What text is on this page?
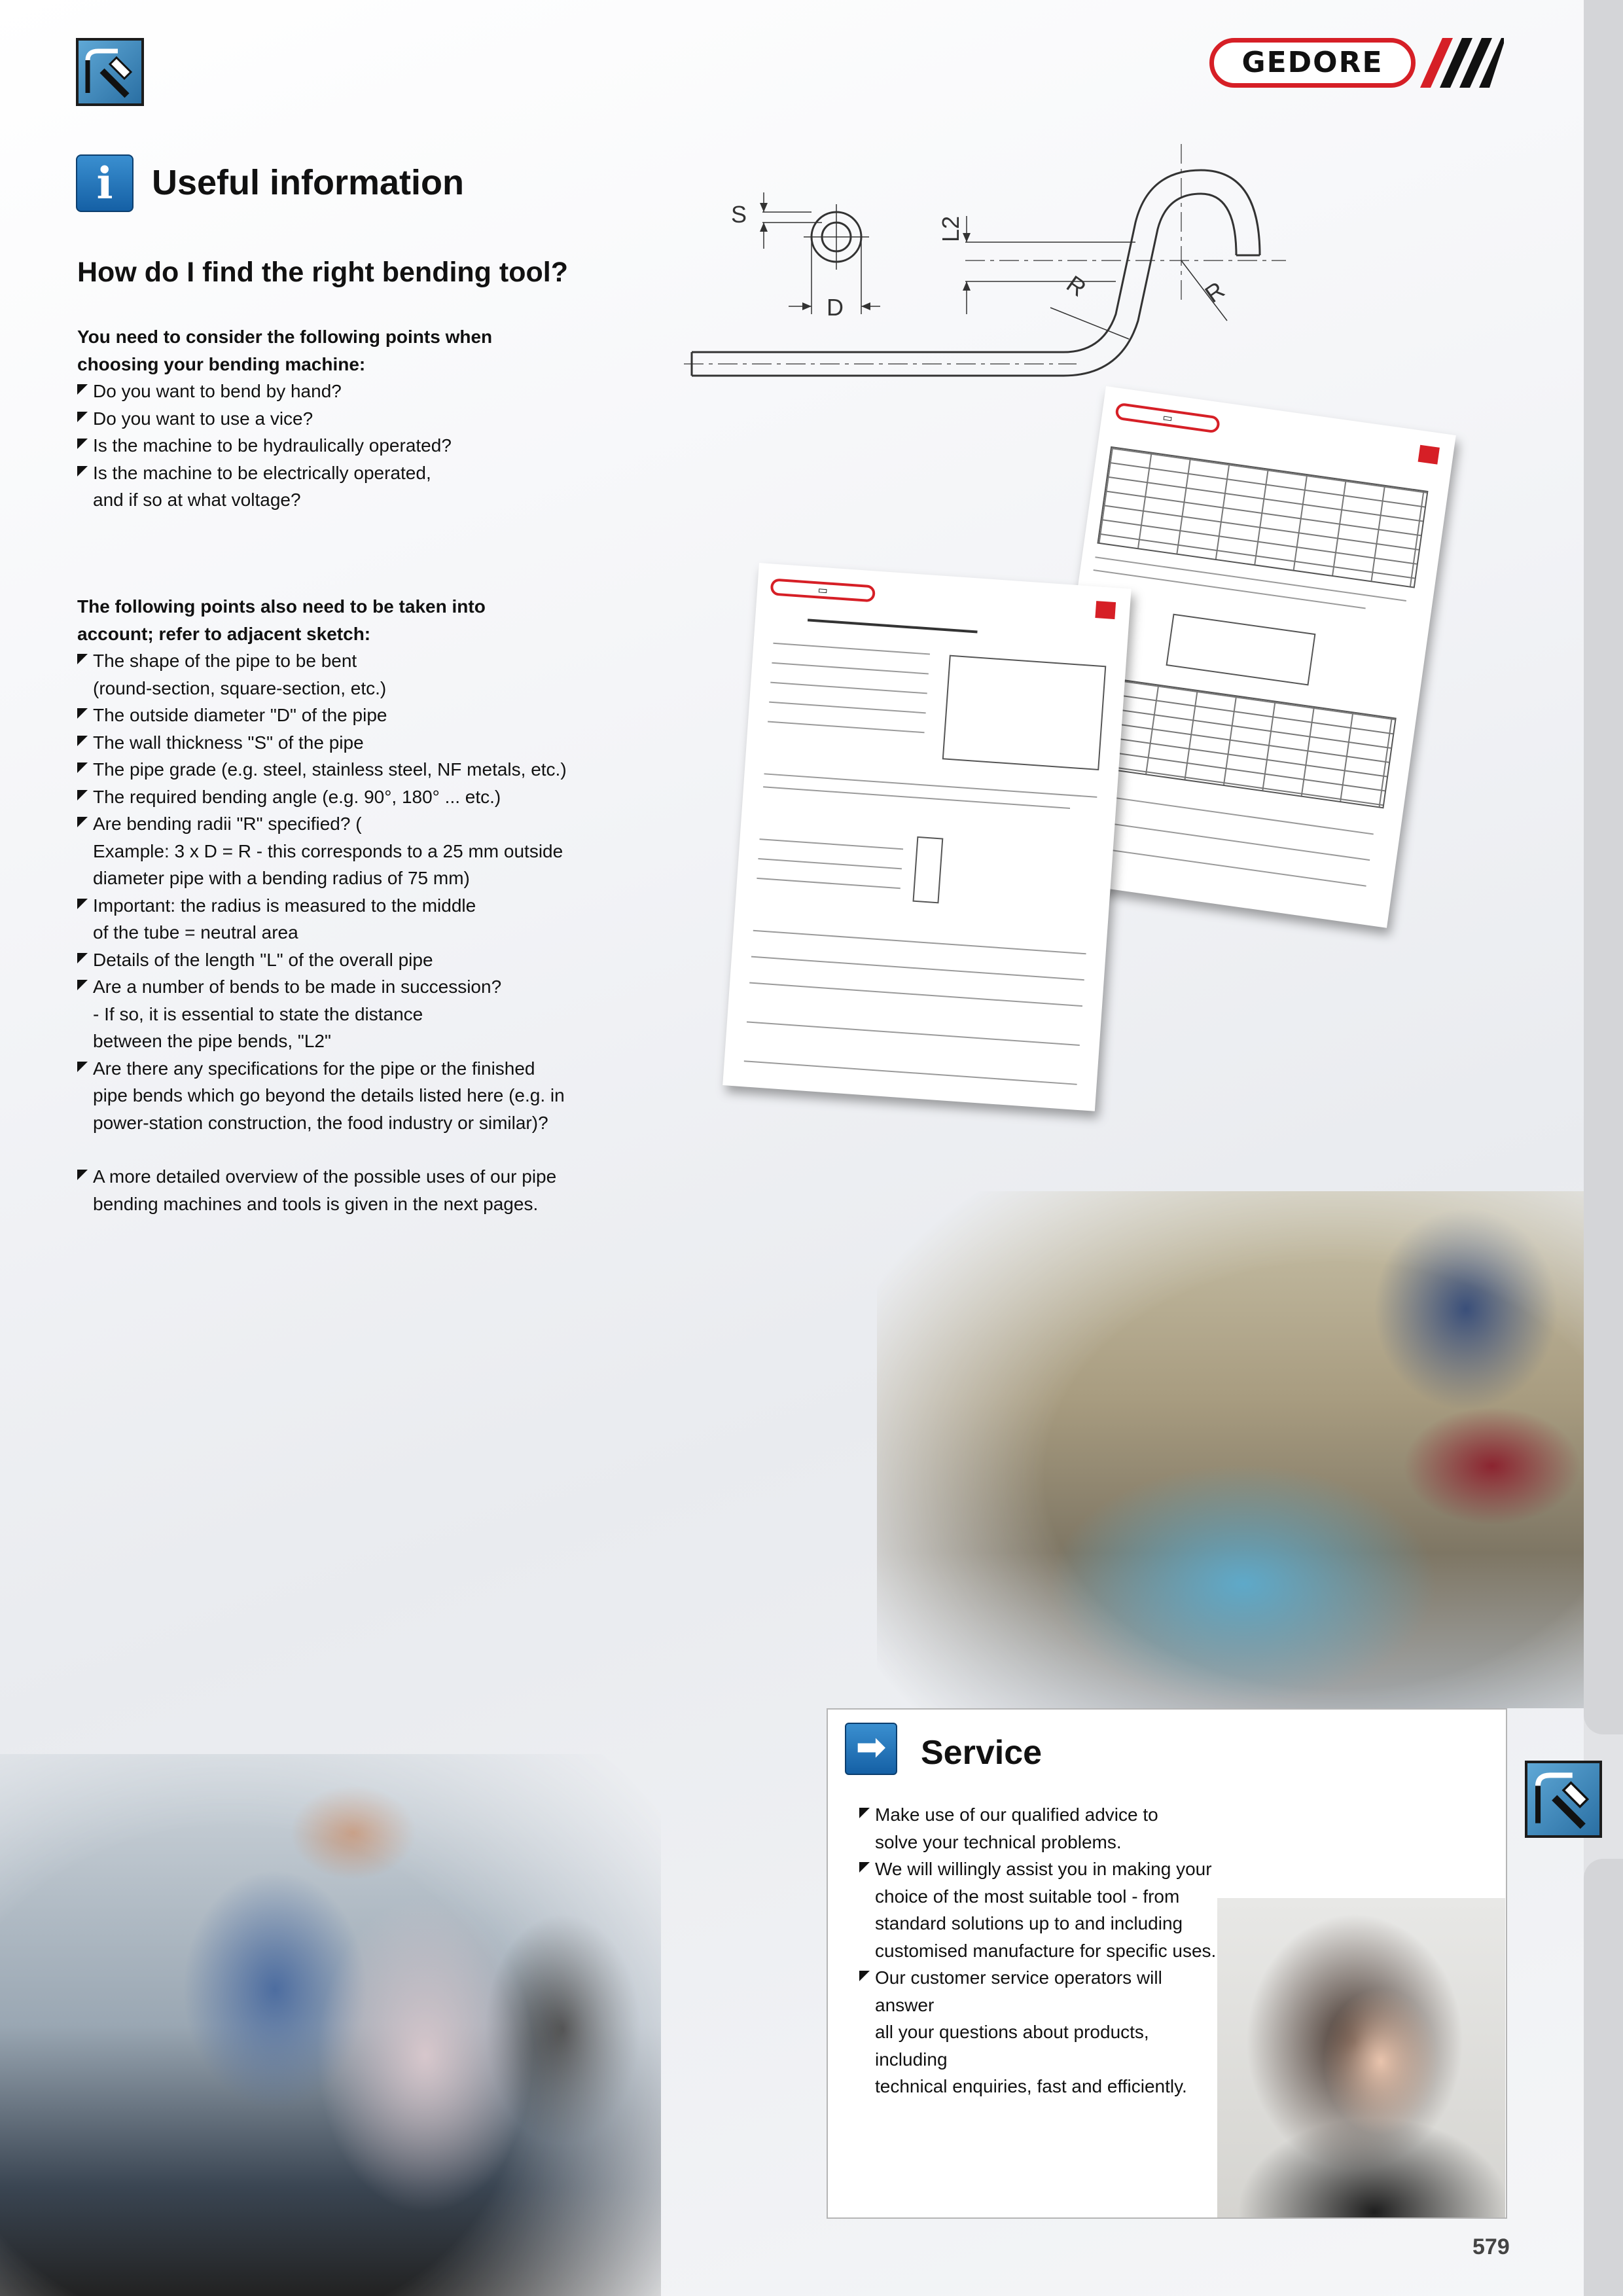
GEDORE
i	Useful information
How do I find the right bending tool?
You need to consider the following points when
choosing your bending machine:
Do you want to bend by hand?
Do you want to use a vice?
Is the machine to be hydraulically operated?
Is the machine to be electrically operated,
and if so at what voltage?
The following points also need to be taken into
account; refer to adjacent sketch:
The shape of the pipe to be bent
(round-section, square-section, etc.)
The outside diameter "D" of the pipe
The wall thickness "S" of the pipe
The pipe grade (e.g. steel, stainless steel, NF metals, etc.)
The required bending angle (e.g. 90°, 180° ... etc.)
Are bending radii "R" specified? (
Example: 3 x D = R - this corresponds to a 25 mm outside
diameter pipe with a bending radius of 75 mm)
Important: the radius is measured to the middle
of the tube = neutral area
Details of the length "L" of the overall pipe
Are a number of bends to be made in succession?
- If so, it is essential to state the distance
between the pipe bends, "L2"
Are there any specifications for the pipe or the finished
pipe bends which go beyond the details listed here (e.g. in
power-station construction, the food industry or similar)?
A more detailed overview of the possible uses of our pipe
bending machines and tools is given in the next pages.
S
D
L2
R	R
▭
▭
➡	Service
Make use of our qualified advice to
solve your technical problems.
We will willingly assist you in making your
choice of the most suitable tool - from
standard solutions up to and including
customised manufacture for specific uses.
Our customer service operators will answer
all your questions about products, including
technical enquiries, fast and efficiently.
579
